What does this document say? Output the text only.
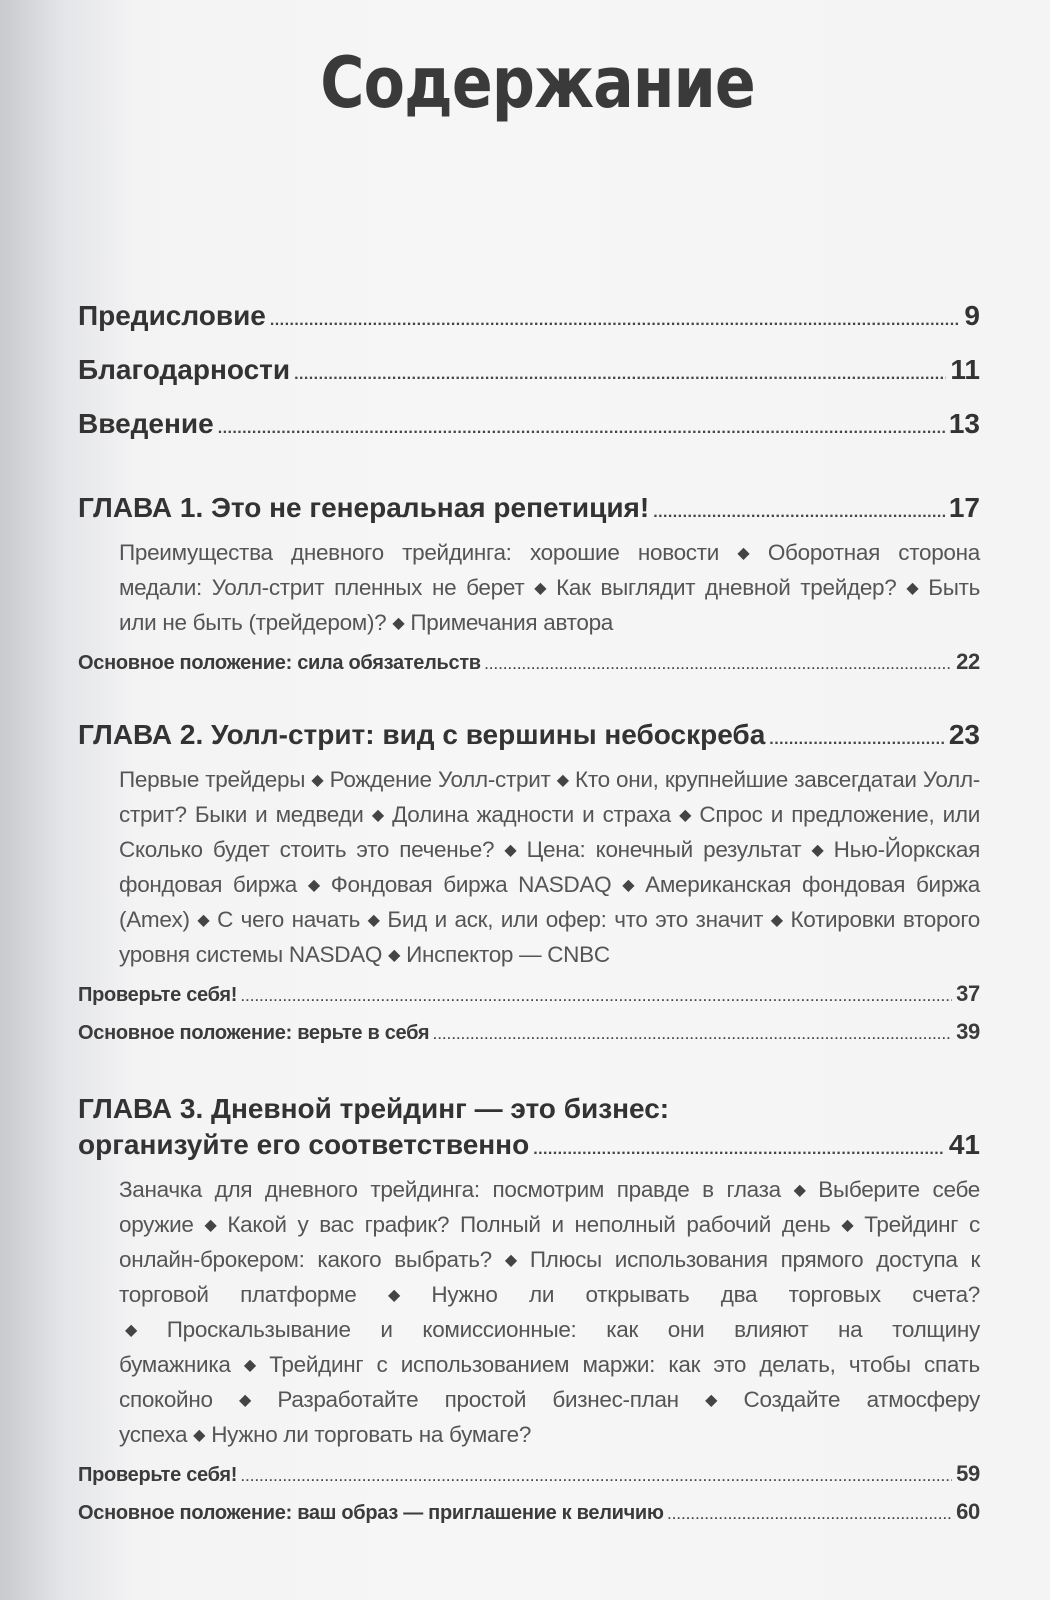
Содержание
Предисловие . . .	9
Благодарности . . .	11
Введение . . .	13
ГЛАВА 1. Это не генеральная репетиция! . . .	17
Преимущества дневного трейдинга: хорошие новости ◆ Оборотная сторона медали: Уолл-стрит пленных не берет ◆ Как выглядит дневной трейдер? ◆ Быть или не быть (трейдером)? ◆ Примечания автора
Основное положение: сила обязательств . . .	22
ГЛАВА 2. Уолл-стрит: вид с вершины небоскреба . . .	23
Первые трейдеры ◆ Рождение Уолл-стрит ◆ Кто они, крупнейшие завсегдатаи Уолл-стрит? Быки и медведи ◆ Долина жадности и страха ◆ Спрос и предложение, или Сколько будет стоить это печенье? ◆ Цена: конечный результат ◆ Нью-Йоркская фондовая биржа ◆ Фондовая биржа NASDAQ ◆ Американская фондовая биржа (Amex) ◆ С чего начать ◆ Бид и аск, или офер: что это значит ◆ Котировки второго уровня системы NASDAQ ◆ Инспектор — CNBC
Проверьте себя! . . .	37
Основное положение: верьте в себя . . .	39
ГЛАВА 3. Дневной трейдинг — это бизнес:
организуйте его соответственно . . .	41
Заначка для дневного трейдинга: посмотрим правде в глаза ◆ Выберите себе оружие ◆ Какой у вас график? Полный и неполный рабочий день ◆ Трейдинг с онлайн-брокером: какого выбрать? ◆ Плюсы использования прямого доступа к торговой платформе ◆ Нужно ли открывать два торговых счета?◆ Проскальзывание и комиссионные: как они влияют на толщину бумажника ◆ Трейдинг с использованием маржи: как это делать, чтобы спать спокойно ◆ Разработайте простой бизнес-план ◆ Создайте атмосферу успеха ◆ Нужно ли торговать на бумаге?
Проверьте себя! . . .	59
Основное положение: ваш образ — приглашение к величию . . .	60
